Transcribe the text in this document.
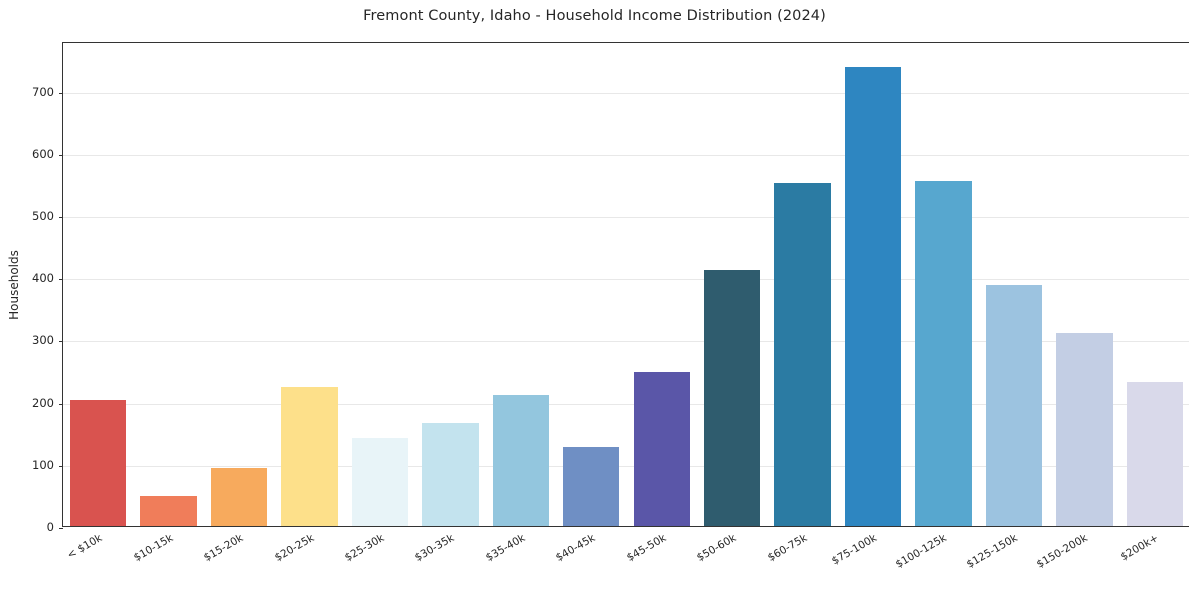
Fremont County, Idaho - Household Income Distribution (2024)
Households
< $10k	$10-15k	$15-20k	$20-25k	$25-30k	$30-35k	$35-40k	$40-45k	$45-50k	$50-60k	$60-75k $75-100k $100-125k $125-150k $150-200k	$200k+
0
100
200
300
400
500
600
700
